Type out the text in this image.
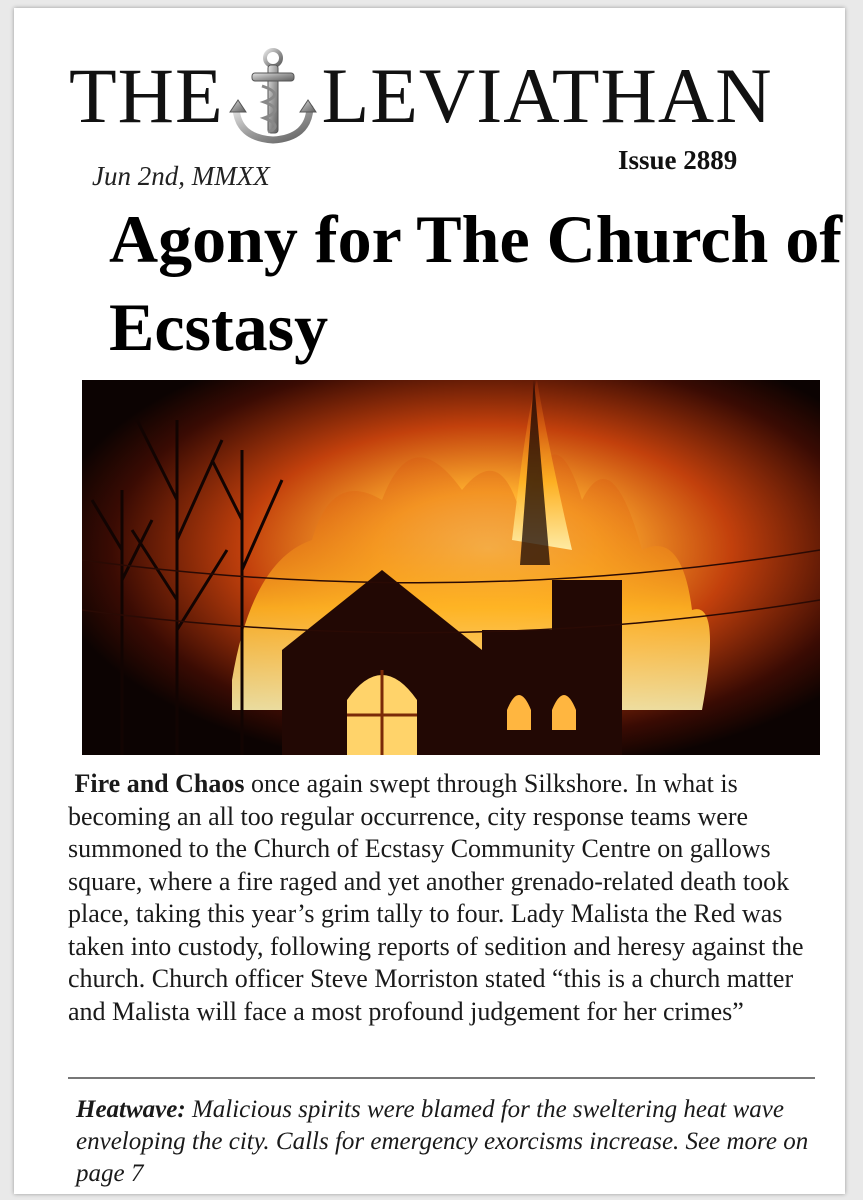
THE LEVIATHAN
Jun 2nd, MMXX
Issue 2889
Agony for The Church of Ecstasy

Fire and Chaos once again swept through Silkshore. In what is becoming an all too regular occurrence, city response teams were summoned to the Church of Ecstasy Community Centre on gallows square, where a fire raged and yet another grenado-related death took place, taking this year’s grim tally to four. Lady Malista the Red was taken into custody, following reports of sedition and heresy against the church. Church officer Steve Morriston stated “this is a church matter and Malista will face a most profound judgement for her crimes”

Heatwave: Malicious spirits were blamed for the sweltering heat wave enveloping the city. Calls for emergency exorcisms increase. See more on page 7
